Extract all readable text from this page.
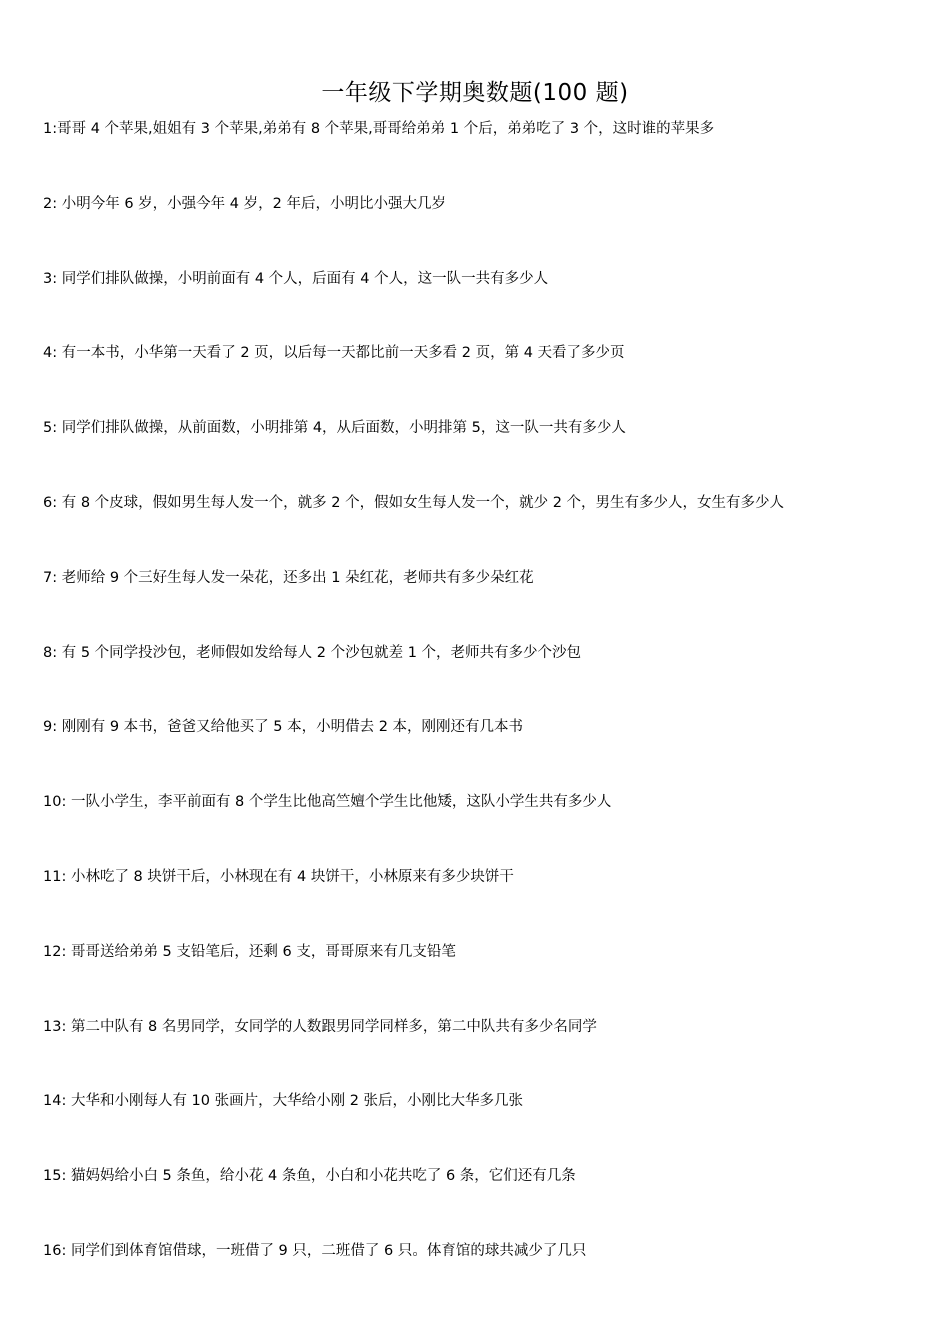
一年级下学期奥数题(100 题)
1:哥哥 4 个苹果,姐姐有 3 个苹果,弟弟有 8 个苹果,哥哥给弟弟 1 个后，弟弟吃了 3 个，这时谁的苹果多
2: 小明今年 6 岁，小强今年 4 岁，2 年后，小明比小强大几岁
3: 同学们排队做操，小明前面有 4 个人，后面有 4 个人，这一队一共有多少人
4: 有一本书，小华第一天看了 2 页，以后每一天都比前一天多看 2 页，第 4 天看了多少页
5: 同学们排队做操，从前面数，小明排第 4，从后面数，小明排第 5，这一队一共有多少人
6: 有 8 个皮球，假如男生每人发一个，就多 2 个，假如女生每人发一个，就少 2 个，男生有多少人，女生有多少人
7: 老师给 9 个三好生每人发一朵花，还多出 1 朵红花，老师共有多少朵红花
8: 有 5 个同学投沙包，老师假如发给每人 2 个沙包就差 1 个，老师共有多少个沙包
9: 刚刚有 9 本书，爸爸又给他买了 5 本，小明借去 2 本，刚刚还有几本书
10: 一队小学生，李平前面有 8 个学生比他高竺嬗个学生比他矮，这队小学生共有多少人
11: 小林吃了 8 块饼干后，小林现在有 4 块饼干，小林原来有多少块饼干
12: 哥哥送给弟弟 5 支铅笔后，还剩 6 支，哥哥原来有几支铅笔
13: 第二中队有 8 名男同学，女同学的人数跟男同学同样多，第二中队共有多少名同学
14: 大华和小刚每人有 10 张画片，大华给小刚 2 张后，小刚比大华多几张
15: 猫妈妈给小白 5 条鱼，给小花 4 条鱼，小白和小花共吃了 6 条，它们还有几条
16: 同学们到体育馆借球，一班借了 9 只，二班借了 6 只。体育馆的球共减少了几只
